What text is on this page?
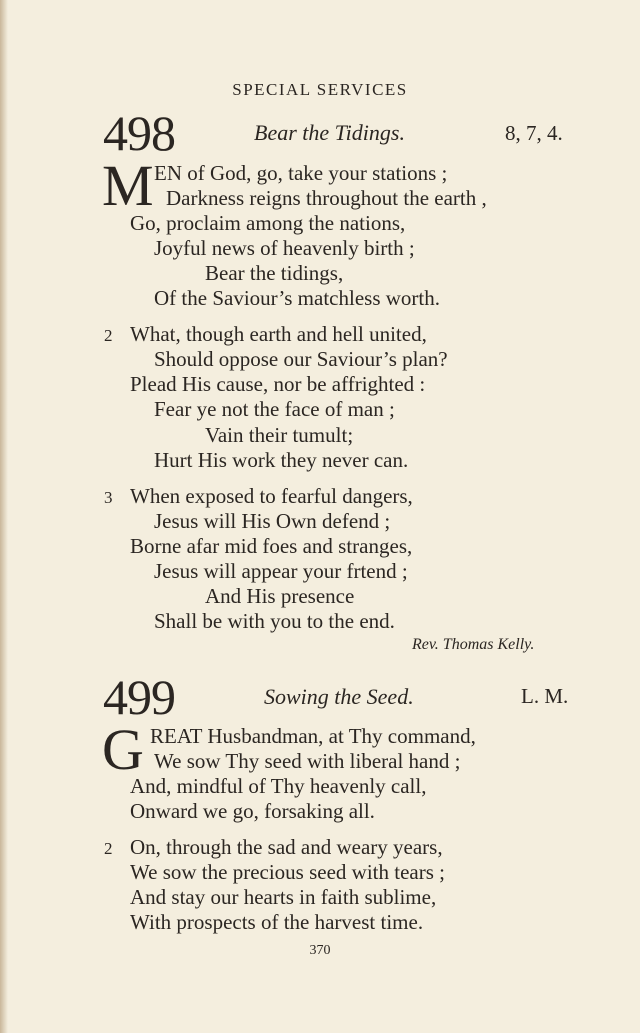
SPECIAL SERVICES
498	Bear the Tidings.	8, 7, 4.
M EN of God, go, take your stations ;
Darkness reigns throughout the earth ,
Go, proclaim among the nations,
Joyful news of heavenly birth ;
Bear the tidings,
Of the Saviour’s matchless worth.
2 What, though earth and hell united,
Should oppose our Saviour’s plan?
Plead His cause, nor be affrighted :
Fear ye not the face of man ;
Vain their tumult;
Hurt His work they never can.
3 When exposed to fearful dangers,
Jesus will His Own defend ;
Borne afar mid foes and stranges,
Jesus will appear your frtend ;
And His presence
Shall be with you to the end.
Rev. Thomas Kelly.
499	Sowing the Seed.	L. M.
G REAT Husbandman, at Thy command,
We sow Thy seed with liberal hand ;
And, mindful of Thy heavenly call,
Onward we go, forsaking all.
2 On, through the sad and weary years,
We sow the precious seed with tears ;
And stay our hearts in faith sublime,
With prospects of the harvest time.
370
